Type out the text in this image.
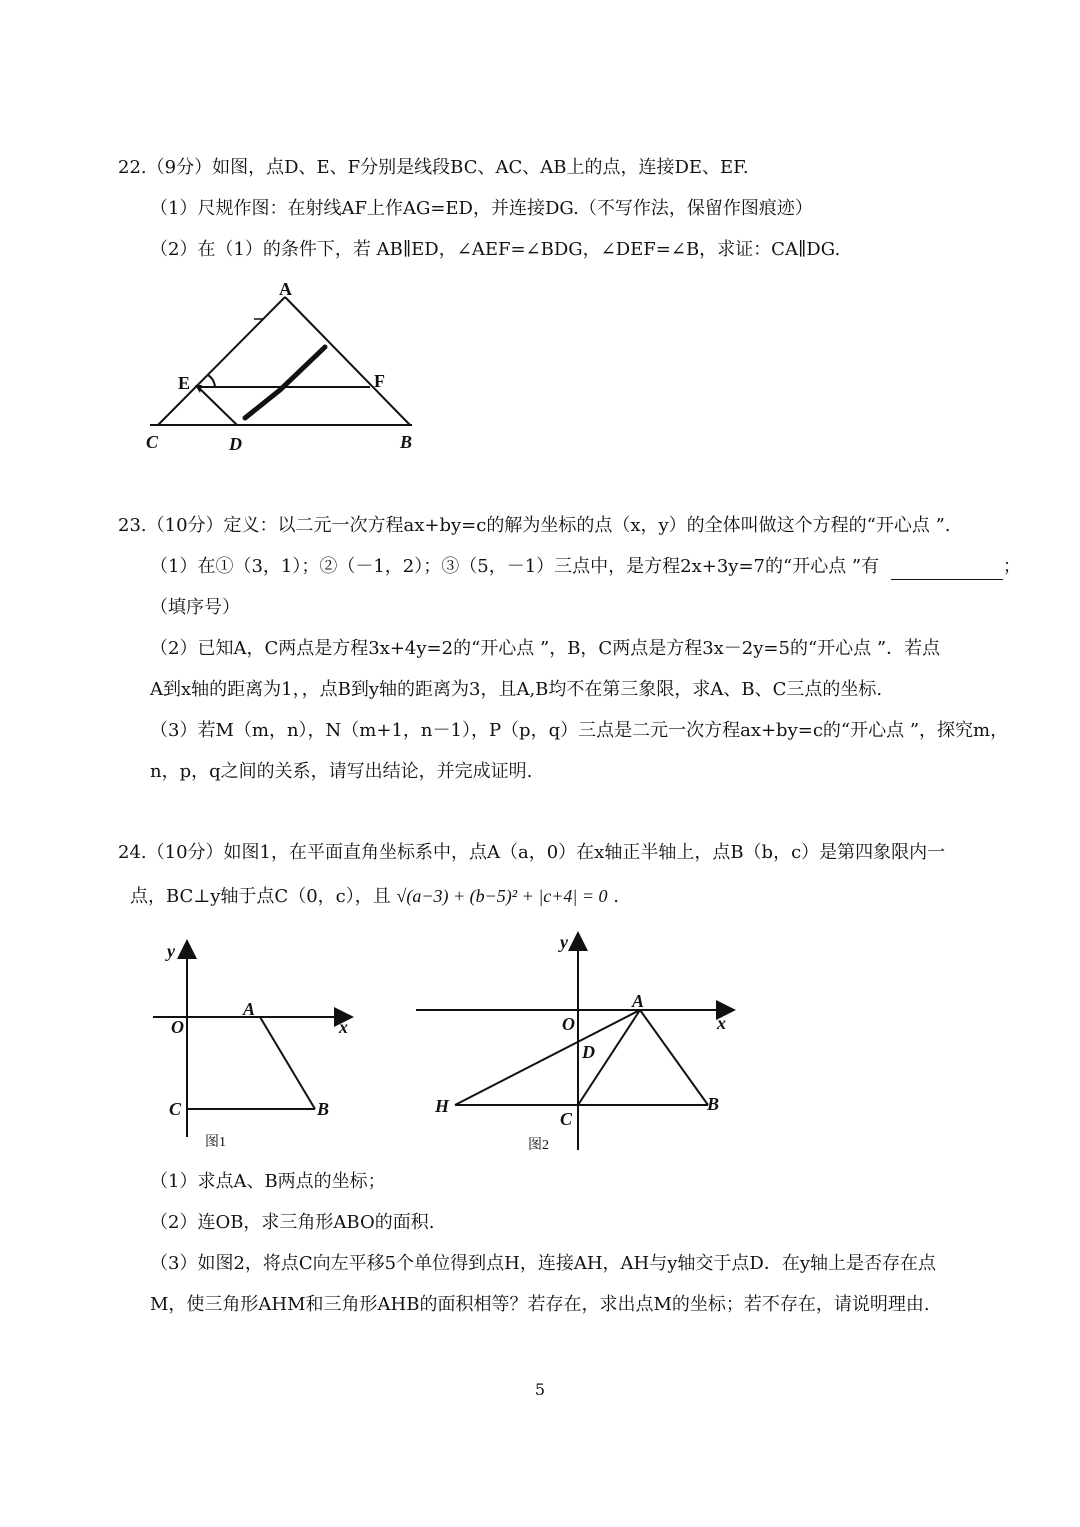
22.（9分）如图，点D、E、F分别是线段BC、AC、AB上的点，连接DE、EF.
（1）尺规作图：在射线AF上作AG=ED，并连接DG.（不写作法，保留作图痕迹）
（2）在（1）的条件下，若 AB∥ED，∠AEF=∠BDG，∠DEF=∠B，求证：CA∥DG.
A
E	F
C	D	B
23.（10分）定义：以二元一次方程ax+by=c的解为坐标的点（x，y）的全体叫做这个方程的“开心点 ”.
（1）在①（3，1）；②（－1，2）；③（5，－1）三点中，是方程2x+3y=7的“开心点 ”有	；
（填序号）
（2）已知A，C两点是方程3x+4y=2的“开心点 ”，B，C两点是方程3x－2y=5的“开心点 ”．若点
A到x轴的距离为1，，点B到y轴的距离为3，且A,B均不在第三象限，求A、B、C三点的坐标.
（3）若M（m，n），N（m+1，n－1），P（p，q）三点是二元一次方程ax+by=c的“开心点 ”，探究m，
n，p，q之间的关系，请写出结论，并完成证明.
24.（10分）如图1，在平面直角坐标系中，点A（a，0）在x轴正半轴上，点B（b，c）是第四象限内一
点，BC⊥y轴于点C（0，c），且 √(a−3) + (b−5)² + |c+4| = 0 .
y
x
O
A
C	B
图1
y
x
O
A
D
H
C
B
图2
（1）求点A、B两点的坐标；
（2）连OB，求三角形ABO的面积.
（3）如图2，将点C向左平移5个单位得到点H，连接AH，AH与y轴交于点D．在y轴上是否存在点
M，使三角形AHM和三角形AHB的面积相等？若存在，求出点M的坐标；若不存在，请说明理由.
5
